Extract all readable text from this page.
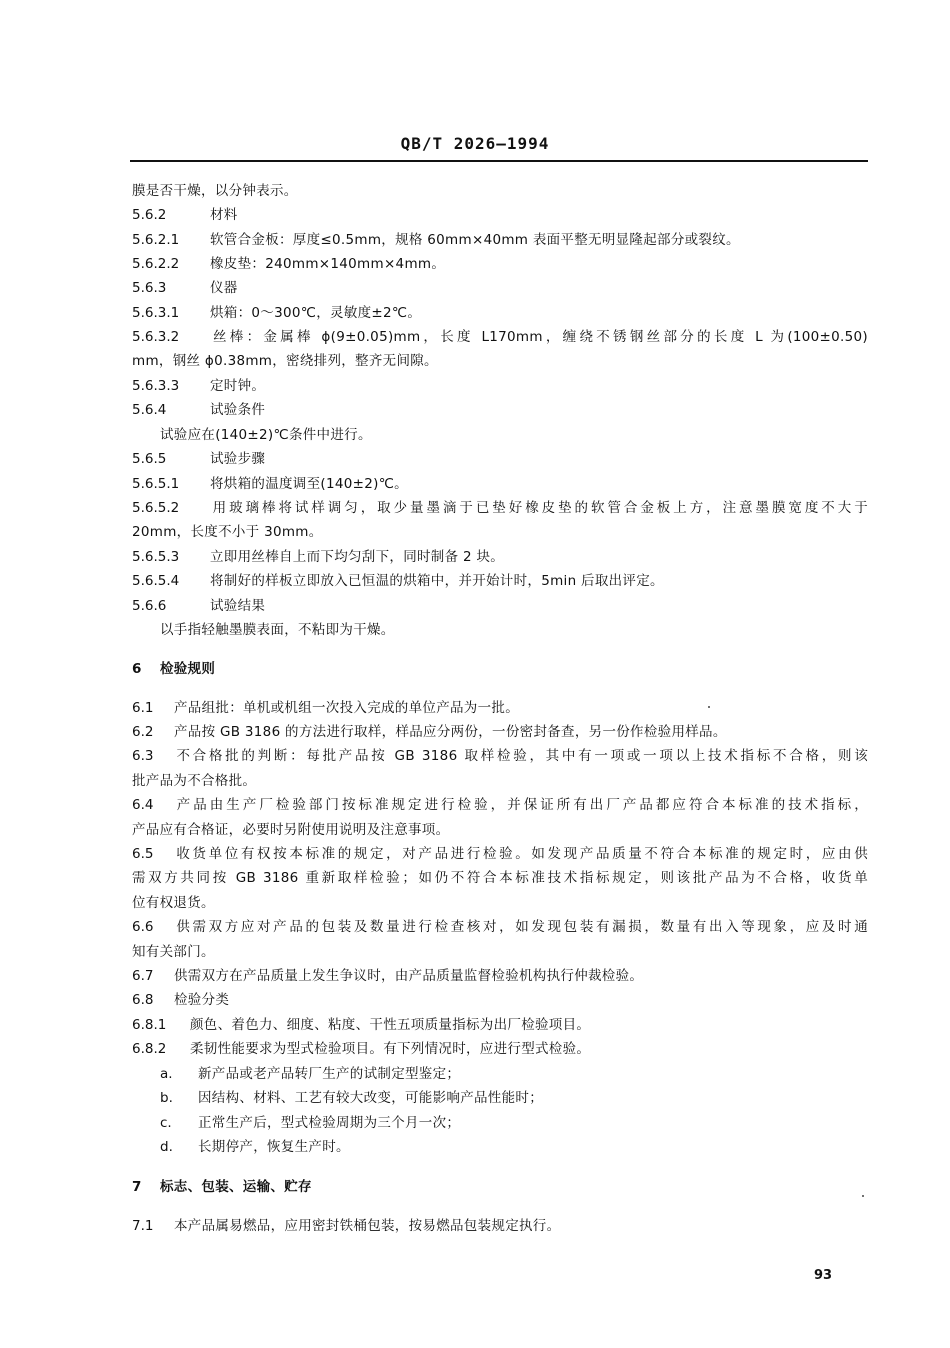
QB/T 2026—1994
膜是否干燥，以分钟表示。
5.6.2	材料
5.6.2.1 软管合金板：厚度≤0.5mm，规格 60mm×40mm 表面平整无明显隆起部分或裂纹。
5.6.2.2 橡皮垫：240mm×140mm×4mm。
5.6.3	仪器
5.6.3.1 烘箱：0～300℃，灵敏度±2℃。
5.6.3.2 丝棒：金属棒 ϕ(9±0.05)mm，长度 L170mm，缠绕不锈钢丝部分的长度 L 为(100±0.50)
mm，钢丝 ϕ0.38mm，密绕排列，整齐无间隙。
5.6.3.3 定时钟。
5.6.4	试验条件
试验应在(140±2)℃条件中进行。
5.6.5	试验步骤
5.6.5.1 将烘箱的温度调至(140±2)℃。
5.6.5.2 用玻璃棒将试样调匀，取少量墨滴于已垫好橡皮垫的软管合金板上方，注意墨膜宽度不大于
20mm，长度不小于 30mm。
5.6.5.3 立即用丝棒自上而下均匀刮下，同时制备 2 块。
5.6.5.4 将制好的样板立即放入已恒温的烘箱中，并开始计时，5min 后取出评定。
5.6.6	试验结果
以手指轻触墨膜表面，不粘即为干燥。
6 检验规则
6.1 产品组批：单机或机组一次投入完成的单位产品为一批。
6.2 产品按 GB 3186 的方法进行取样，样品应分两份，一份密封备查，另一份作检验用样品。
6.3 不合格批的判断：每批产品按 GB 3186 取样检验，其中有一项或一项以上技术指标不合格，则该
批产品为不合格批。
6.4 产品由生产厂检验部门按标准规定进行检验，并保证所有出厂产品都应符合本标准的技术指标，
产品应有合格证，必要时另附使用说明及注意事项。
6.5 收货单位有权按本标准的规定，对产品进行检验。如发现产品质量不符合本标准的规定时，应由供
需双方共同按 GB 3186 重新取样检验；如仍不符合本标准技术指标规定，则该批产品为不合格，收货单
位有权退货。
6.6 供需双方应对产品的包装及数量进行检查核对，如发现包装有漏损，数量有出入等现象，应及时通
知有关部门。
6.7 供需双方在产品质量上发生争议时，由产品质量监督检验机构执行仲裁检验。
6.8 检验分类
6.8.1 颜色、着色力、细度、粘度、干性五项质量指标为出厂检验项目。
6.8.2 柔韧性能要求为型式检验项目。有下列情况时，应进行型式检验。
a. 新产品或老产品转厂生产的试制定型鉴定；
b. 因结构、材料、工艺有较大改变，可能影响产品性能时；
c. 正常生产后，型式检验周期为三个月一次；
d. 长期停产，恢复生产时。
7 标志、包装、运输、贮存
7.1 本产品属易燃品，应用密封铁桶包装，按易燃品包装规定执行。
93
